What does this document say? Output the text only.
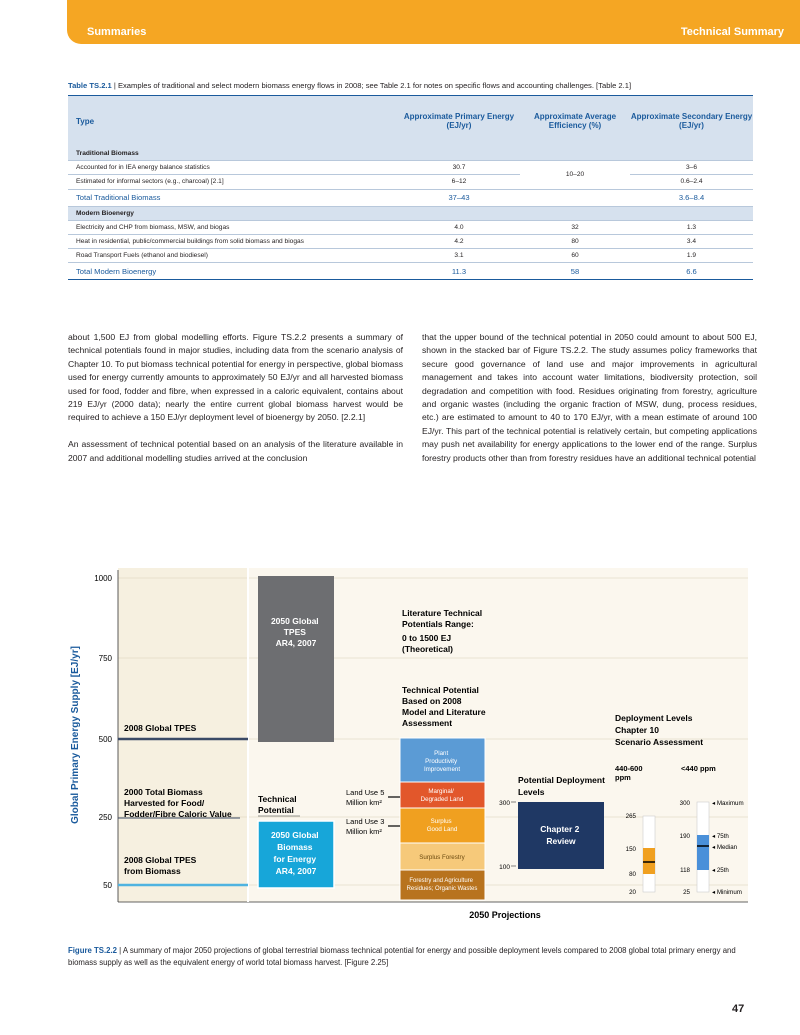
Summaries	Technical Summary
Table TS.2.1 | Examples of traditional and select modern biomass energy flows in 2008; see Table 2.1 for notes on specific flows and accounting challenges. [Table 2.1]
Type	Approximate Primary Energy (EJ/yr)	Approximate Average Efficiency (%)	Approximate Secondary Energy (EJ/yr)
Traditional Biomass			
Accounted for in IEA energy balance statistics	30.7	10–20	3–6
Estimated for informal sectors (e.g., charcoal) [2.1]	6–12		0.6–2.4
Total Traditional Biomass	37–43		3.6–8.4
Modern Bioenergy			
Electricity and CHP from biomass, MSW, and biogas	4.0	32	1.3
Heat in residential, public/commercial buildings from solid biomass and biogas	4.2	80	3.4
Road Transport Fuels (ethanol and biodiesel)	3.1	60	1.9
Total Modern Bioenergy	11.3	58	6.6

about 1,500 EJ from global modelling efforts. Figure TS.2.2 presents a summary of technical potentials found in major studies, including data from the scenario analysis of Chapter 10. To put biomass technical potential for energy in perspective, global biomass used for energy currently amounts to approximately 50 EJ/yr and all harvested biomass used for food, fodder and fibre, when expressed in a caloric equivalent, contains about 219 EJ/yr (2000 data); nearly the entire current global biomass harvest would be required to achieve a 150 EJ/yr deployment level of bioenergy by 2050. [2.2.1]

An assessment of technical potential based on an analysis of the literature available in 2007 and additional modelling studies arrived at the conclusion

that the upper bound of the technical potential in 2050 could amount to about 500 EJ, shown in the stacked bar of Figure TS.2.2. The study assumes policy frameworks that secure good governance of land use and major improvements in agricultural management and takes into account water limitations, biodiversity protection, soil degradation and competition with food. Residues originating from forestry, agriculture and organic wastes (including the organic fraction of MSW, dung, process residues, etc.) are estimated to amount to 40 to 170 EJ/yr, with a mean estimate of around 100 EJ/yr. This part of the technical potential is relatively certain, but competing applications may push net availability for energy applications to the lower end of the range. Surplus forestry products other than from forestry residues have an additional technical potential

Global Primary Energy Supply [EJ/yr]
1000
750
500
250
50
2008 Global TPES
2000 Total Biomass Harvested for Food/ Fodder/Fibre Caloric Value
2008 Global TPES from Biomass
2050 Global TPES AR4, 2007
Technical Potential
2050 Global Biomass for Energy AR4, 2007
Literature Technical Potentials Range: 0 to 1500 EJ (Theoretical)
Technical Potential Based on 2008 Model and Literature Assessment
Plant Productivity Improvement
Marginal/ Degraded Land
Surplus Good Land
Surplus Forestry
Forestry and Agriculture Residues; Organic Wastes
Land Use 5 Million km²
Land Use 3 Million km²
Potential Deployment Levels
Chapter 2 Review
300
100
Deployment Levels Chapter 10 Scenario Assessment
440-600 ppm
<440 ppm
265
150
80
20
300
190
118
25
◂ Maximum ◂ 75th ◂ Median ◂ 25th ◂ Minimum
2050 Projections
Figure TS.2.2 | A summary of major 2050 projections of global terrestrial biomass technical potential for energy and possible deployment levels compared to 2008 global total primary energy and biomass supply as well as the equivalent energy of world total biomass harvest. [Figure 2.25]
47
